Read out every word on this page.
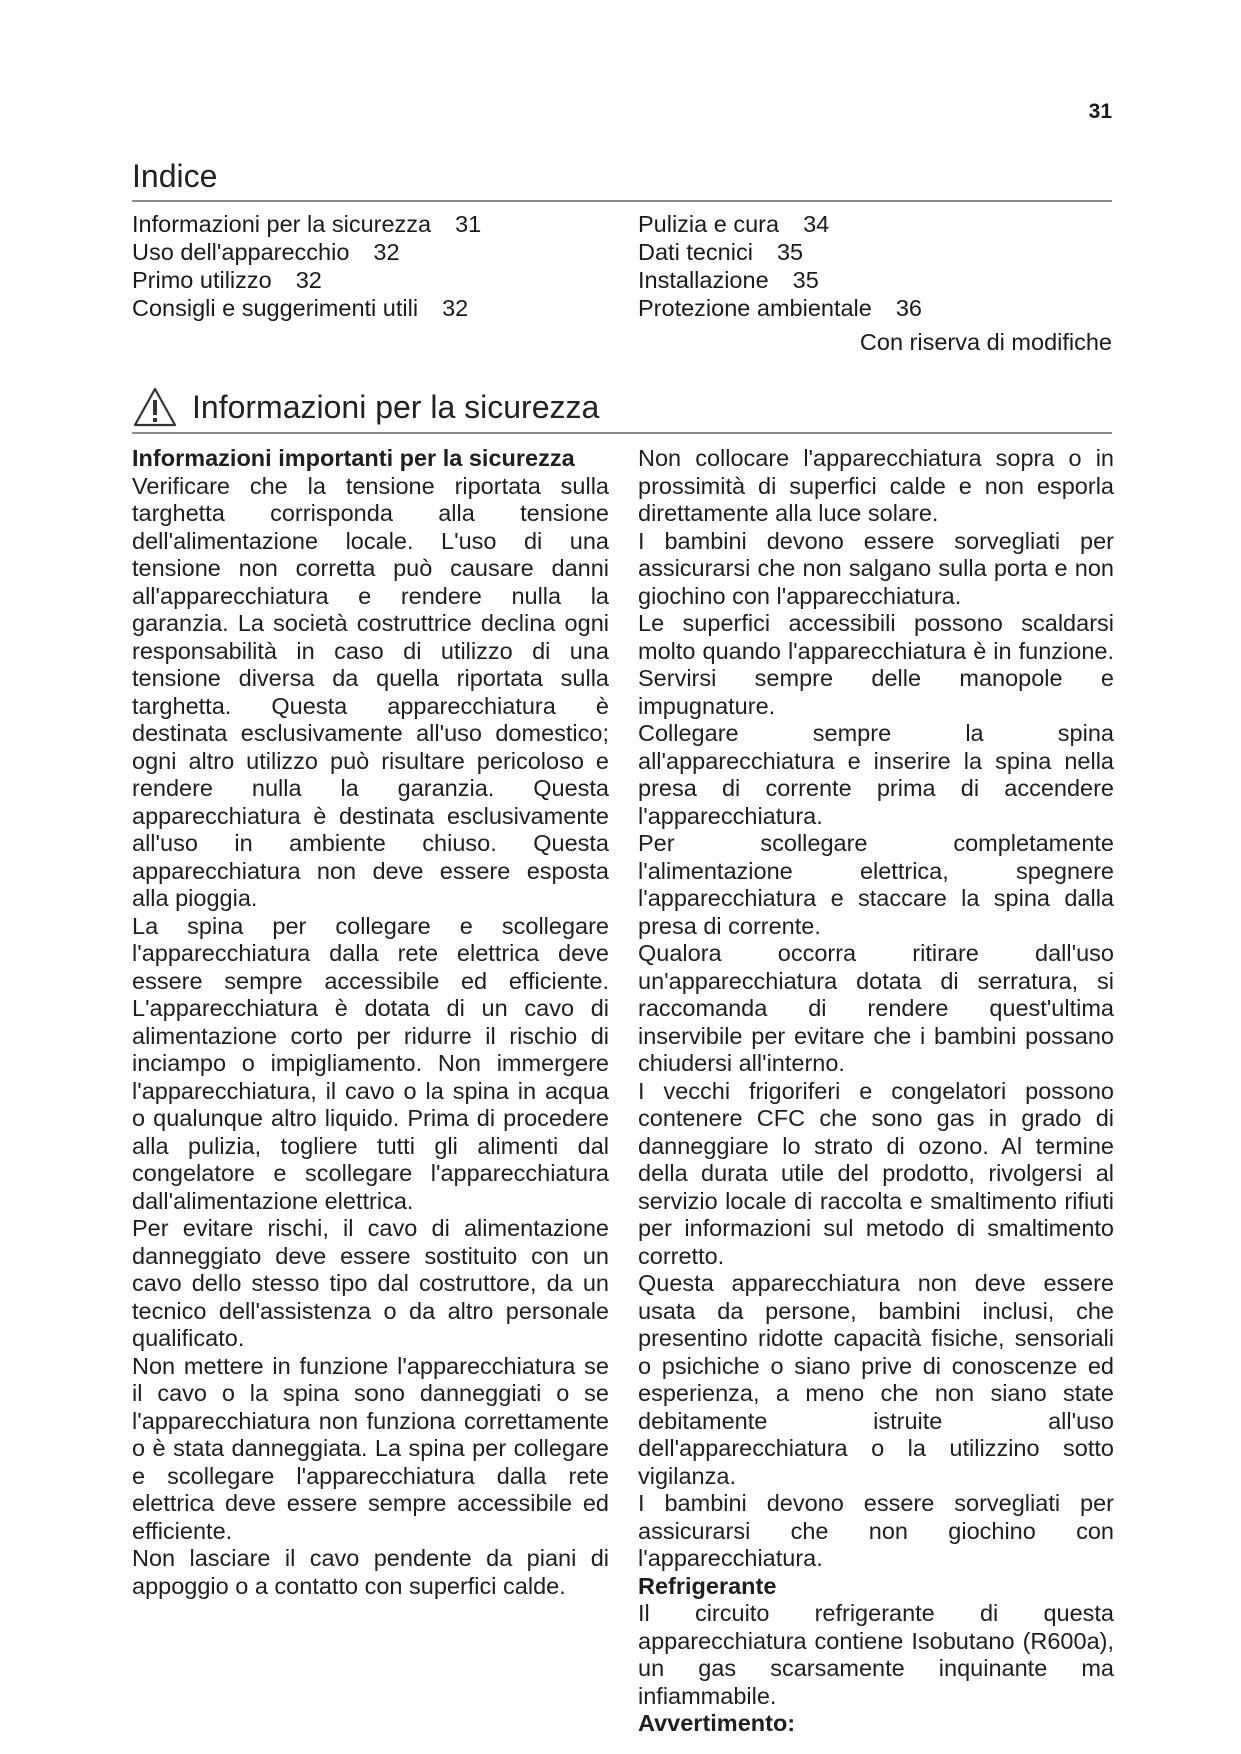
31
Indice
Informazioni per la sicurezza 31
Uso dell'apparecchio 32
Primo utilizzo 32
Consigli e suggerimenti utili 32
Pulizia e cura 34
Dati tecnici 35
Installazione 35
Protezione ambientale 36
Con riserva di modifiche
Informazioni per la sicurezza

Informazioni importanti per la sicurezza

Verificare che la tensione riportata sulla targhetta corrisponda alla tensione dell'alimentazione locale. L'uso di una tensione non corretta può causare danni all'apparecchiatura e rendere nulla la garanzia. La società costruttrice declina ogni responsabilità in caso di utilizzo di una tensione diversa da quella riportata sulla targhetta. Questa apparecchiatura è destinata esclusivamente all'uso domestico; ogni altro utilizzo può risultare pericoloso e rendere nulla la garanzia. Questa apparecchiatura è destinata esclusivamente all'uso in ambiente chiuso. Questa apparecchiatura non deve essere esposta alla pioggia.

La spina per collegare e scollegare l'apparecchiatura dalla rete elettrica deve essere sempre accessibile ed efficiente. L'apparecchiatura è dotata di un cavo di alimentazione corto per ridurre il rischio di inciampo o impigliamento. Non immergere l'apparecchiatura, il cavo o la spina in acqua o qualunque altro liquido. Prima di procedere alla pulizia, togliere tutti gli alimenti dal congelatore e scollegare l'apparecchiatura dall'alimentazione elettrica.

Per evitare rischi, il cavo di alimentazione danneggiato deve essere sostituito con un cavo dello stesso tipo dal costruttore, da un tecnico dell'assistenza o da altro personale qualificato.

Non mettere in funzione l'apparecchiatura se il cavo o la spina sono danneggiati o se l'apparecchiatura non funziona correttamente o è stata danneggiata. La spina per collegare e scollegare l'apparecchiatura dalla rete elettrica deve essere sempre accessibile ed efficiente.

Non lasciare il cavo pendente da piani di appoggio o a contatto con superfici calde.

Non collocare l'apparecchiatura sopra o in prossimità di superfici calde e non esporla direttamente alla luce solare.

I bambini devono essere sorvegliati per assicurarsi che non salgano sulla porta e non giochino con l'apparecchiatura.

Le superfici accessibili possono scaldarsi molto quando l'apparecchiatura è in funzione. Servirsi sempre delle manopole e impugnature.

Collegare sempre la spina all'apparecchiatura e inserire la spina nella presa di corrente prima di accendere l'apparecchiatura.

Per scollegare completamente l'alimentazione elettrica, spegnere l'apparecchiatura e staccare la spina dalla presa di corrente.

Qualora occorra ritirare dall'uso un'apparecchiatura dotata di serratura, si raccomanda di rendere quest'ultima inservibile per evitare che i bambini possano chiudersi all'interno.

I vecchi frigoriferi e congelatori possono contenere CFC che sono gas in grado di danneggiare lo strato di ozono. Al termine della durata utile del prodotto, rivolgersi al servizio locale di raccolta e smaltimento rifiuti per informazioni sul metodo di smaltimento corretto.

Questa apparecchiatura non deve essere usata da persone, bambini inclusi, che presentino ridotte capacità fisiche, sensoriali o psichiche o siano prive di conoscenze ed esperienza, a meno che non siano state debitamente istruite all'uso dell'apparecchiatura o la utilizzino sotto vigilanza.

I bambini devono essere sorvegliati per assicurarsi che non giochino con l'apparecchiatura.

Refrigerante

Il circuito refrigerante di questa apparecchiatura contiene Isobutano (R600a), un gas scarsamente inquinante ma infiammabile.

Avvertimento:
